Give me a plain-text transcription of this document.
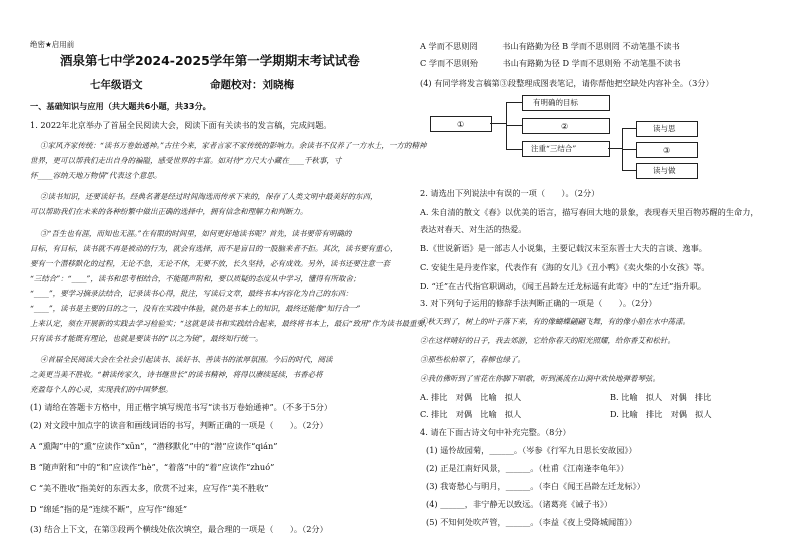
绝密★启用前
酒泉第七中学2024-2025学年第一学期期末考试试卷
七年级语文	命题校对：刘晓梅
一、基础知识与应用（共大题共6小题，共33分。
1. 2022年北京举办了首届全民阅读大会，阅读下面有关读书的发言稿，完成问题。
①家风齐家传统：“读书万卷始通神。”古往今来，家者言家不家传统的影响力。余读书不仅养了一方水土，一方的精神
世界，更可以帮我们走出自身的褊隘，感受世界的丰富。如对待“方尺大小藏在____千秋事，寸
怀____容纳天地万物情”代表这个意思。
②读书知识，还要读好书。经典名著是经过时间淘选而传承下来的，保存了人类文明中最美好的东西，
可以帮助我们在未来的各种纷繁中做出正确的选择中，拥有信念和理解力和判断力。
③“吾生也有涯，而知也无涯。”在有限的时间里，如何更好地读书呢？首先，读书要带有明确的
目标，有目标，读书就不再是被动的行为，就会有选择，而不是盲目的一股脑来者不拒。其次，读书要有重心，
要有一个潜移默化的过程，无论不急，无论不休，无要不放，长久坚持，必有成效。另外，读书还要注意一套
“三结合”：“____”，读书和思考相结合，不能随声附和，要以质疑的态度从中学习，懂得有所取舍；
“____”，要学习摘录法结合，记录读书心得，批注，写读后文章，最终书本内容化为自己的东西：
“____”，读书是主要的目的之一，没有在实践中体验，就仍是书本上的知识，最终还能像“知行合一”
上来认定，须在开展新的实践去学习检验实；“这就是读书和实践结合起来，最终将书本上，最后“致用”作为读书最重要，
只有读书才能既有理论，也就是要读书的“以之为镜”，最终知行统一。
④首届全民阅读大会在全社会引起读书、读好书、善读书的浓厚氛围。今后的时代，阅读
之美更当美不胜收。“耕读传家久，诗书继世长”的读书精神，将得以赓续延续，书香必将
充盈每个人的心灵，实现我们的中国梦想。
(1) 请给在答题卡方格中，用正楷字填写规范书写“读书万卷始通神”。（不多于5分）
(2) 对文段中加点字的读音和画线词语的书写，判断正确的一项是（　　）。（2分）
A “熏陶”中的“熏”应读作“xūn”，“潜移默化”中的“潜”应读作“qián”
B “随声附和”中的“和”应读作“hè”，“着落”中的“着”应读作“zhuó”
C “美不胜收”指美好的东西太多，欣赏不过来，应写作“美不胜收”
D “绵延”指的是“连续不断”，应写作“绵延”
(3) 结合上下文，在第③段两个横线处依次填空，最合理的一项是（　　）。（2分）
A 学而不思则罔　　　书山有路勤为径 B 学而不思则罔 不动笔墨不读书
C 学而不思则殆　　　书山有路勤为径 D 学而不思则殆 不动笔墨不读书
(4) 有同学将发言稿第③段整理成图表笔记，请你帮他把空缺处内容补全。（3分）
①
有明确的目标
②
注重“三结合”
读与思
③
读与做
2. 请选出下列说法中有误的一项（　　）。（2分）
A. 朱自清的散文《春》以优美的语言，描写春回大地的景象，表现春天里百物苏醒的生命力，
表达对春天、对生活的热爱。
B.《世说新语》是一部志人小说集，主要记载汉末至东晋士大夫的言谈、逸事。
C. 安徒生是丹麦作家，代表作有《海的女儿》《丑小鸭》《卖火柴的小女孩》等。
D. “迁”在古代指官职调动，《闻王昌龄左迁龙标遥有此寄》中的“左迁”指升职。
3. 对下列句子运用的修辞手法判断正确的一项是（　　）。（2分）
①秋天到了，树上的叶子落下来，有的像蝴蝶翩翩飞舞，有的像小船在水中荡漾。
②在这样晴好的日子，我去郊游，它给你春天的阳光照耀，给你香艾和松针。
③那些松柏翠了，春柳也绿了。
④我仿佛听到了雪花在你脚下唱歌，听到溪流在山涧中欢快地弹着琴弦。
A. 排比　对偶　比喻　拟人	B. 比喻　拟人　对偶　排比
C. 排比　对偶　比喻　拟人	D. 比喻　排比　对偶　拟人
4. 请在下面古诗文句中补充完整。（8分）
(1) 遥怜故园菊，______。（岑参《行军九日思长安故园》）
(2) 正是江南好风景，______。（杜甫《江南逢李龟年》）
(3) 我寄愁心与明月，______。（李白《闻王昌龄左迁龙标》）
(4) ______，非宁静无以致远。（诸葛亮《诫子书》）
(5) 不知何处吹芦管，______。（李益《夜上受降城闻笛》）
